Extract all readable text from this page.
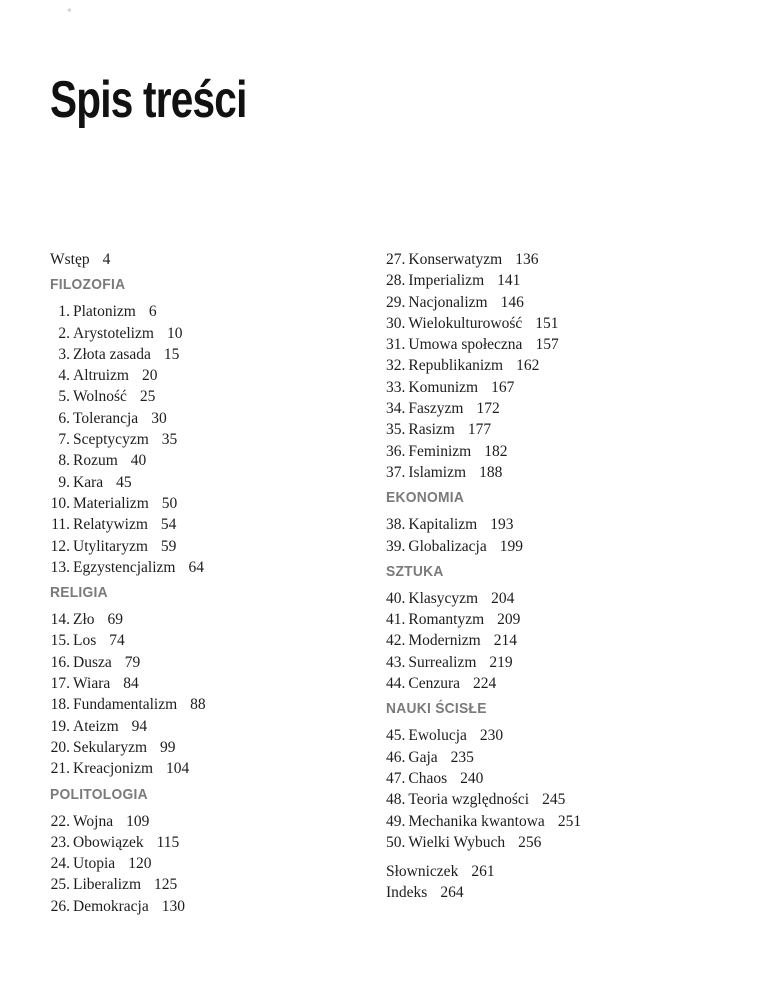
✦
Spis treści
Wstęp 4
FILOZOFIA
1. Platonizm 6
2. Arystotelizm 10
3. Złota zasada 15
4. Altruizm 20
5. Wolność 25
6. Tolerancja 30
7. Sceptycyzm 35
8. Rozum 40
9. Kara 45
10. Materializm 50
11. Relatywizm 54
12. Utylitaryzm 59
13. Egzystencjalizm 64
RELIGIA
14. Zło 69
15. Los 74
16. Dusza 79
17. Wiara 84
18. Fundamentalizm 88
19. Ateizm 94
20. Sekularyzm 99
21. Kreacjonizm 104
POLITOLOGIA
22. Wojna 109
23. Obowiązek 115
24. Utopia 120
25. Liberalizm 125
26. Demokracja 130
27. Konserwatyzm 136
28. Imperializm 141
29. Nacjonalizm 146
30. Wielokulturowość 151
31. Umowa społeczna 157
32. Republikanizm 162
33. Komunizm 167
34. Faszyzm 172
35. Rasizm 177
36. Feminizm 182
37. Islamizm 188
EKONOMIA
38. Kapitalizm 193
39. Globalizacja 199
SZTUKA
40. Klasycyzm 204
41. Romantyzm 209
42. Modernizm 214
43. Surrealizm 219
44. Cenzura 224
NAUKI ŚCISŁE
45. Ewolucja 230
46. Gaja 235
47. Chaos 240
48. Teoria względności 245
49. Mechanika kwantowa 251
50. Wielki Wybuch 256
Słowniczek 261
Indeks 264
